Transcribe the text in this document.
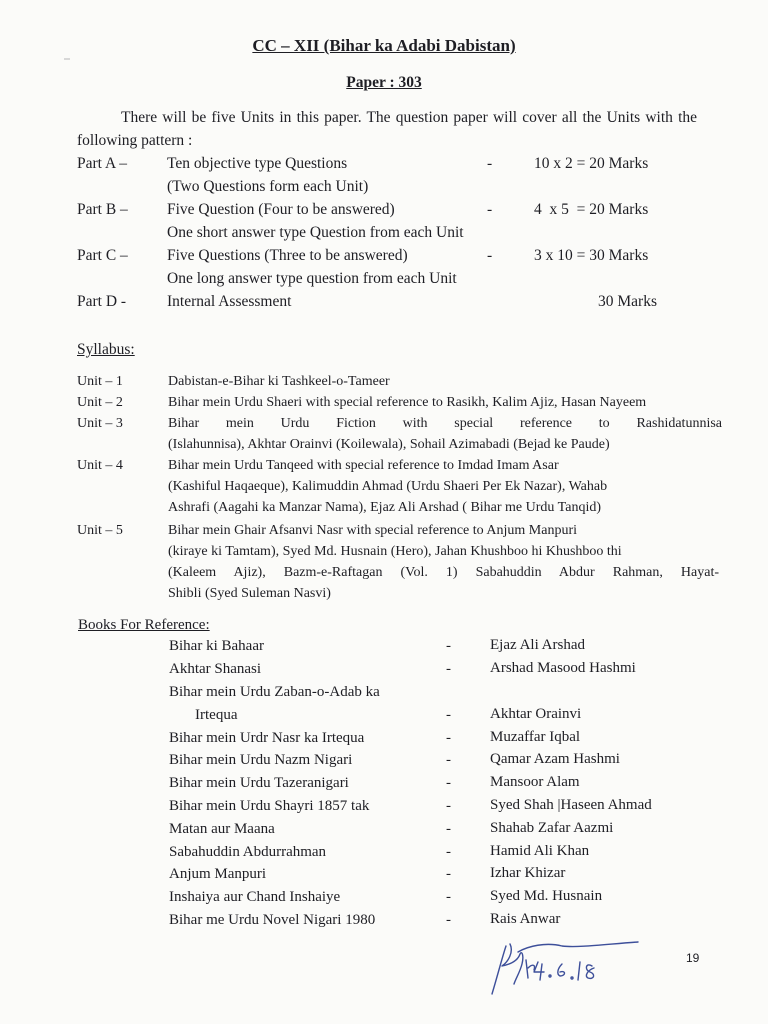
CC – XII (Bihar ka Adabi Dabistan)
Paper : 303
There will be five Units in this paper. The question paper will cover all the Units with the following pattern :
Part A –	Ten objective type Questions	-	10 x 2 = 20 Marks
(Two Questions form each Unit)
Part B –	Five Question (Four to be answered)	-	4  x 5  = 20 Marks
One short answer type Question from each Unit
Part C –	Five Questions (Three to be answered)	-	3 x 10 = 30 Marks
One long answer type question from each Unit
Part D -	Internal Assessment	30 Marks
Syllabus:
Unit – 1	Dabistan-e-Bihar ki Tashkeel-o-Tameer
Unit – 2	Bihar mein Urdu Shaeri with special reference to Rasikh, Kalim Ajiz, Hasan Nayeem
Unit – 3	Bihar mein Urdu Fiction with special reference to Rashidatunnisa
(Islahunnisa), Akhtar Orainvi (Koilewala), Sohail Azimabadi (Bejad ke Paude)
Unit – 4	Bihar mein Urdu Tanqeed with special reference to Imdad Imam Asar
(Kashiful Haqaeque), Kalimuddin Ahmad (Urdu Shaeri Per Ek Nazar), Wahab
Ashrafi (Aagahi ka Manzar Nama), Ejaz Ali Arshad ( Bihar me Urdu Tanqid)
Unit – 5	Bihar mein Ghair Afsanvi Nasr with special reference to Anjum Manpuri
(kiraye ki Tamtam), Syed Md. Husnain (Hero), Jahan Khushboo hi Khushboo thi
(Kaleem Ajiz), Bazm-e-Raftagan (Vol. 1) Sabahuddin Abdur Rahman, Hayat-
Shibli (Syed Suleman Nasvi)
Books For Reference:
Bihar ki Bahaar	-	Ejaz Ali Arshad
Akhtar Shanasi	-	Arshad Masood Hashmi
Bihar mein Urdu Zaban-o-Adab ka
Irtequa	-	Akhtar Orainvi
Bihar mein Urdr Nasr ka Irtequa	-	Muzaffar Iqbal
Bihar mein Urdu Nazm Nigari	-	Qamar Azam Hashmi
Bihar mein Urdu Tazeranigari	-	Mansoor Alam
Bihar mein Urdu Shayri 1857 tak	-	Syed Shah |Haseen Ahmad
Matan aur Maana	-	Shahab Zafar Aazmi
Sabahuddin Abdurrahman	-	Hamid Ali Khan
Anjum Manpuri	-	Izhar Khizar
Inshaiya aur Chand Inshaiye	-	Syed Md. Husnain
Bihar me Urdu Novel Nigari 1980	-	Rais Anwar
19
